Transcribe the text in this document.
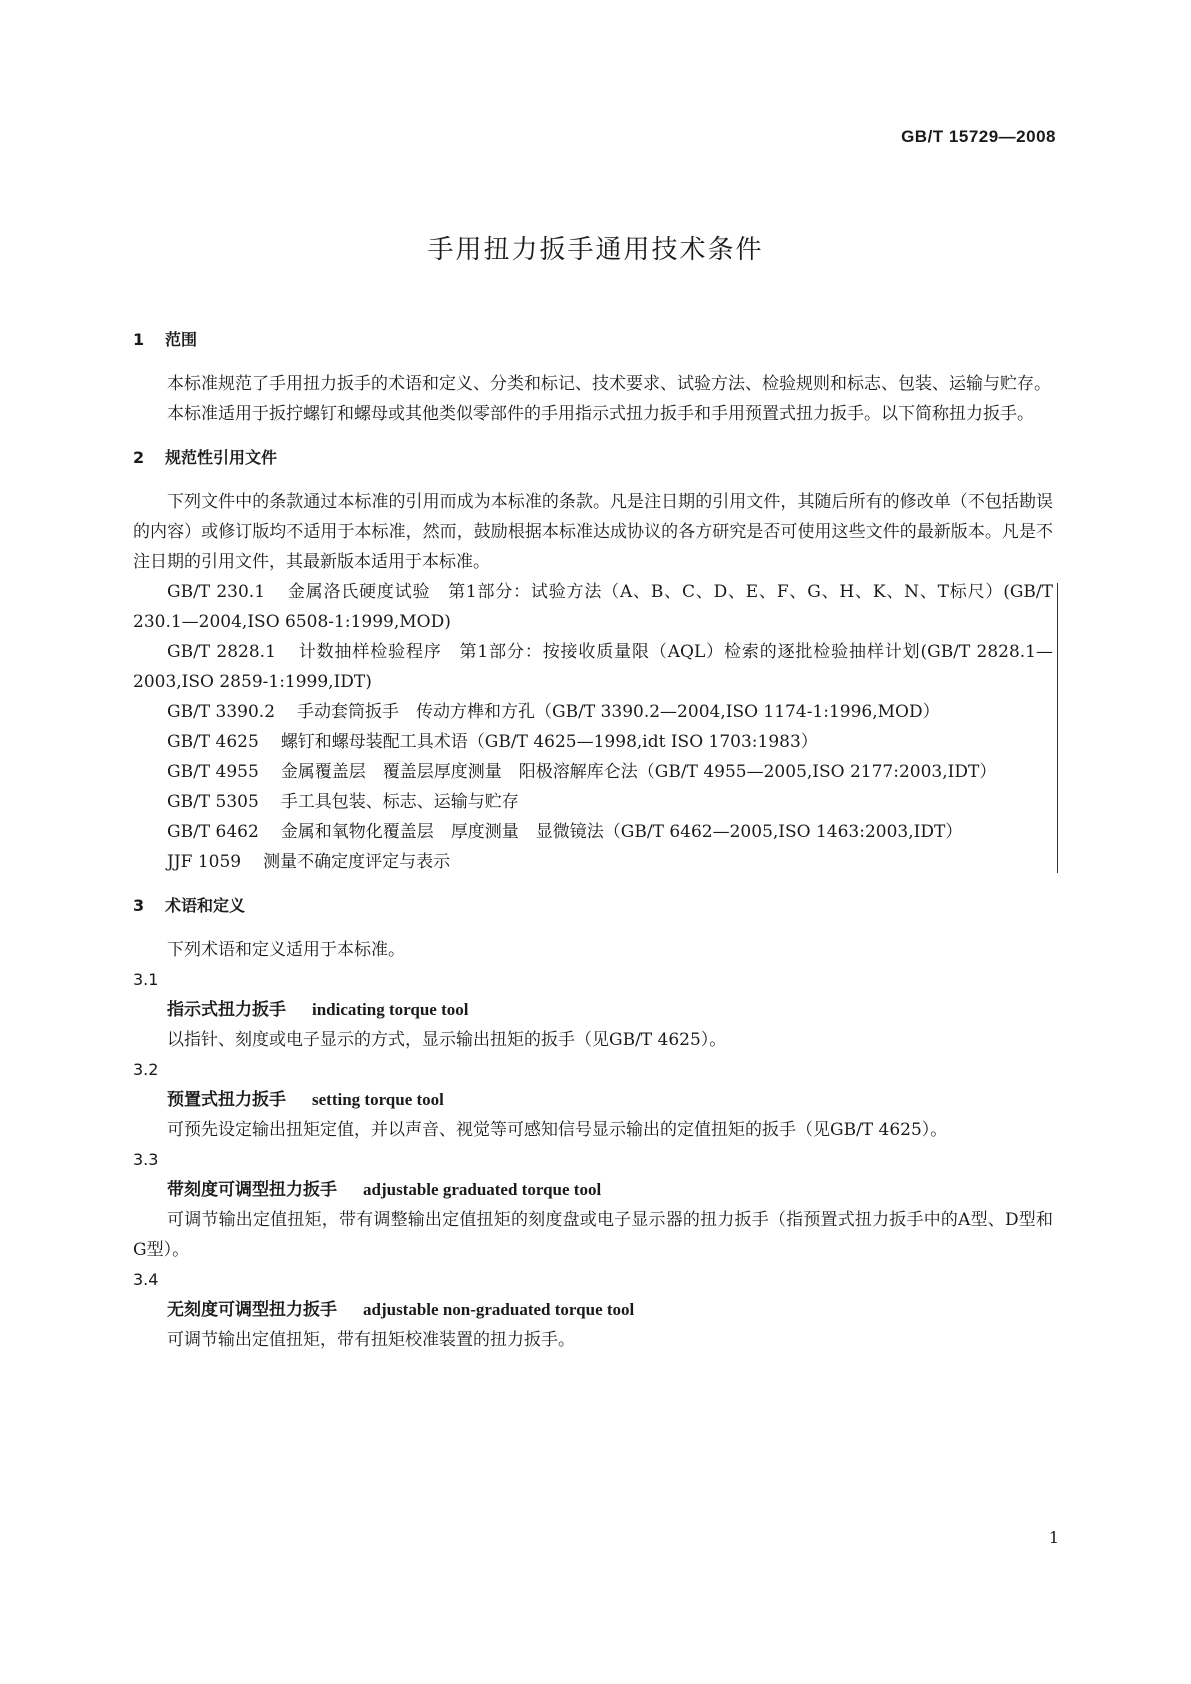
GB/T 15729—2008
手用扭力扳手通用技术条件
1 范围

本标准规范了手用扭力扳手的术语和定义、分类和标记、技术要求、试验方法、检验规则和标志、包装、运输与贮存。

本标准适用于扳拧螺钉和螺母或其他类似零部件的手用指示式扭力扳手和手用预置式扭力扳手。以下简称扭力扳手。

2 规范性引用文件

下列文件中的条款通过本标准的引用而成为本标准的条款。凡是注日期的引用文件，其随后所有的修改单（不包括勘误的内容）或修订版均不适用于本标准，然而，鼓励根据本标准达成协议的各方研究是否可使用这些文件的最新版本。凡是不注日期的引用文件，其最新版本适用于本标准。

GB/T 230.1 金属洛氏硬度试验　第1部分：试验方法（A、B、C、D、E、F、G、H、K、N、T标尺）(GB/T 230.1—2004,ISO 6508-1:1999,MOD)

GB/T 2828.1 计数抽样检验程序　第1部分：按接收质量限（AQL）检索的逐批检验抽样计划(GB/T 2828.1—2003,ISO 2859-1:1999,IDT)

GB/T 3390.2 手动套筒扳手　传动方榫和方孔（GB/T 3390.2—2004,ISO 1174-1:1996,MOD）

GB/T 4625 螺钉和螺母装配工具术语（GB/T 4625—1998,idt ISO 1703:1983）

GB/T 4955 金属覆盖层　覆盖层厚度测量　阳极溶解库仑法（GB/T 4955—2005,ISO 2177:2003,IDT）

GB/T 5305 手工具包装、标志、运输与贮存

GB/T 6462 金属和氧物化覆盖层　厚度测量　显微镜法（GB/T 6462—2005,ISO 1463:2003,IDT）

JJF 1059 测量不确定度评定与表示

3 术语和定义

下列术语和定义适用于本标准。

3.1
指示式扭力扳手 indicating torque tool

以指针、刻度或电子显示的方式，显示输出扭矩的扳手（见GB/T 4625）。

3.2
预置式扭力扳手 setting torque tool

可预先设定输出扭矩定值，并以声音、视觉等可感知信号显示输出的定值扭矩的扳手（见GB/T 4625）。

3.3
带刻度可调型扭力扳手 adjustable graduated torque tool

可调节输出定值扭矩，带有调整输出定值扭矩的刻度盘或电子显示器的扭力扳手（指预置式扭力扳手中的A型、D型和G型）。

3.4
无刻度可调型扭力扳手 adjustable non-graduated torque tool

可调节输出定值扭矩，带有扭矩校准装置的扭力扳手。

1
